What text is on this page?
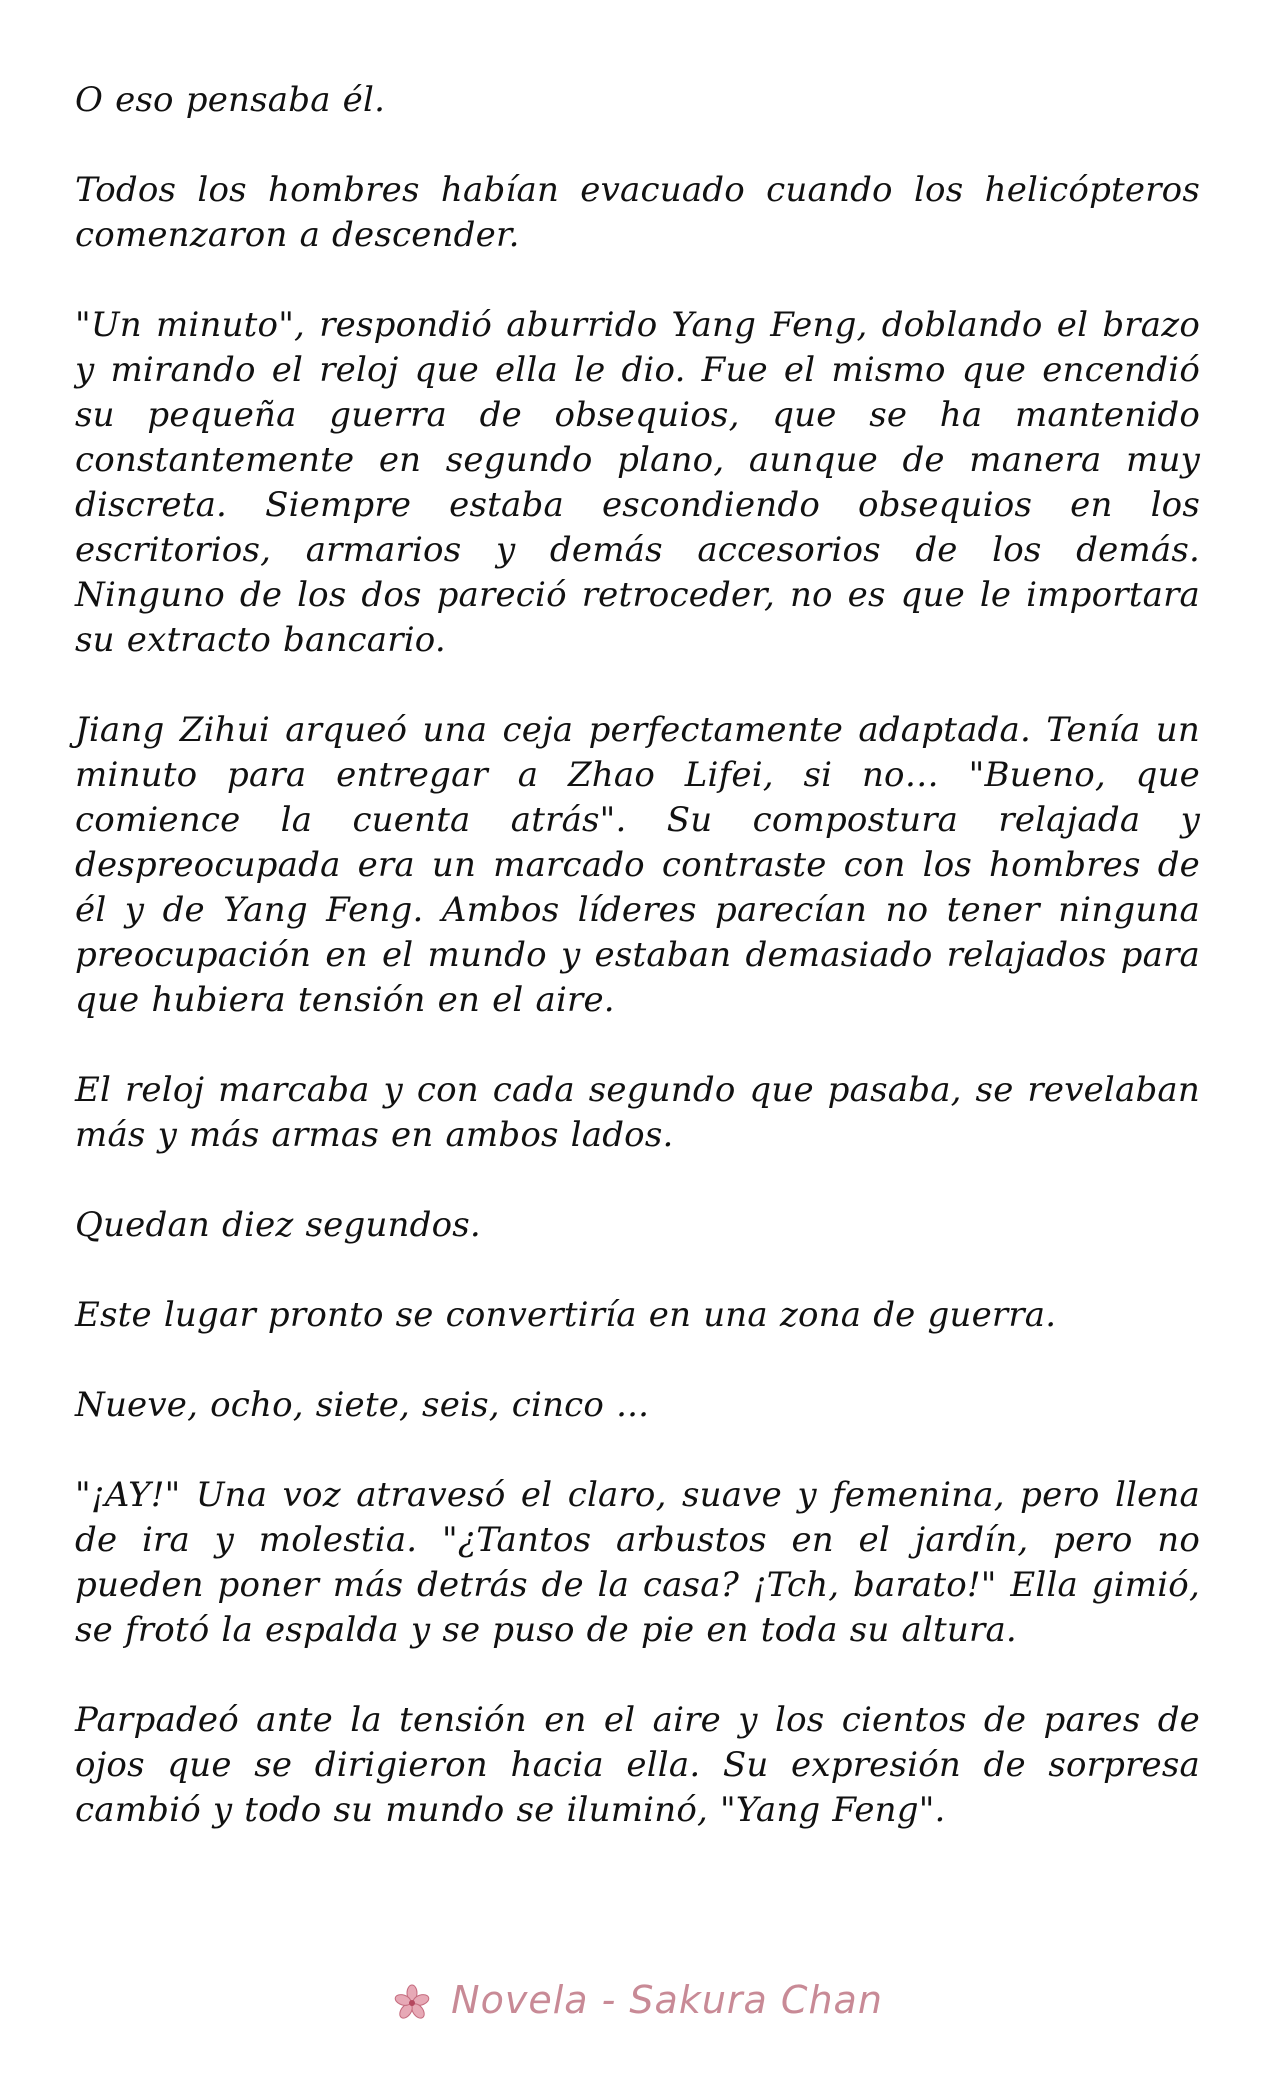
O eso pensaba él.

Todos los hombres habían evacuado cuando los helicópteros comenzaron a descender.

"Un minuto", respondió aburrido Yang Feng, doblando el brazo y mirando el reloj que ella le dio. Fue el mismo que encendió su pequeña guerra de obsequios, que se ha mantenido constantemente en segundo plano, aunque de manera muy discreta. Siempre estaba escondiendo obsequios en los escritorios, armarios y demás accesorios de los demás. Ninguno de los dos pareció retroceder, no es que le importara su extracto bancario.

Jiang Zihui arqueó una ceja perfectamente adaptada. Tenía un minuto para entregar a Zhao Lifei, si no… "Bueno, que comience la cuenta atrás". Su compostura relajada y despreocupada era un marcado contraste con los hombres de él y de Yang Feng. Ambos líderes parecían no tener ninguna preocupación en el mundo y estaban demasiado relajados para que hubiera tensión en el aire.

El reloj marcaba y con cada segundo que pasaba, se revelaban más y más armas en ambos lados.

Quedan diez segundos.

Este lugar pronto se convertiría en una zona de guerra.

Nueve, ocho, siete, seis, cinco ...

"¡AY!" Una voz atravesó el claro, suave y femenina, pero llena de ira y molestia. "¿Tantos arbustos en el jardín, pero no pueden poner más detrás de la casa? ¡Tch, barato!" Ella gimió, se frotó la espalda y se puso de pie en toda su altura.

Parpadeó ante la tensión en el aire y los cientos de pares de ojos que se dirigieron hacia ella. Su expresión de sorpresa cambió y todo su mundo se iluminó, "Yang Feng".

Novela - Sakura Chan
